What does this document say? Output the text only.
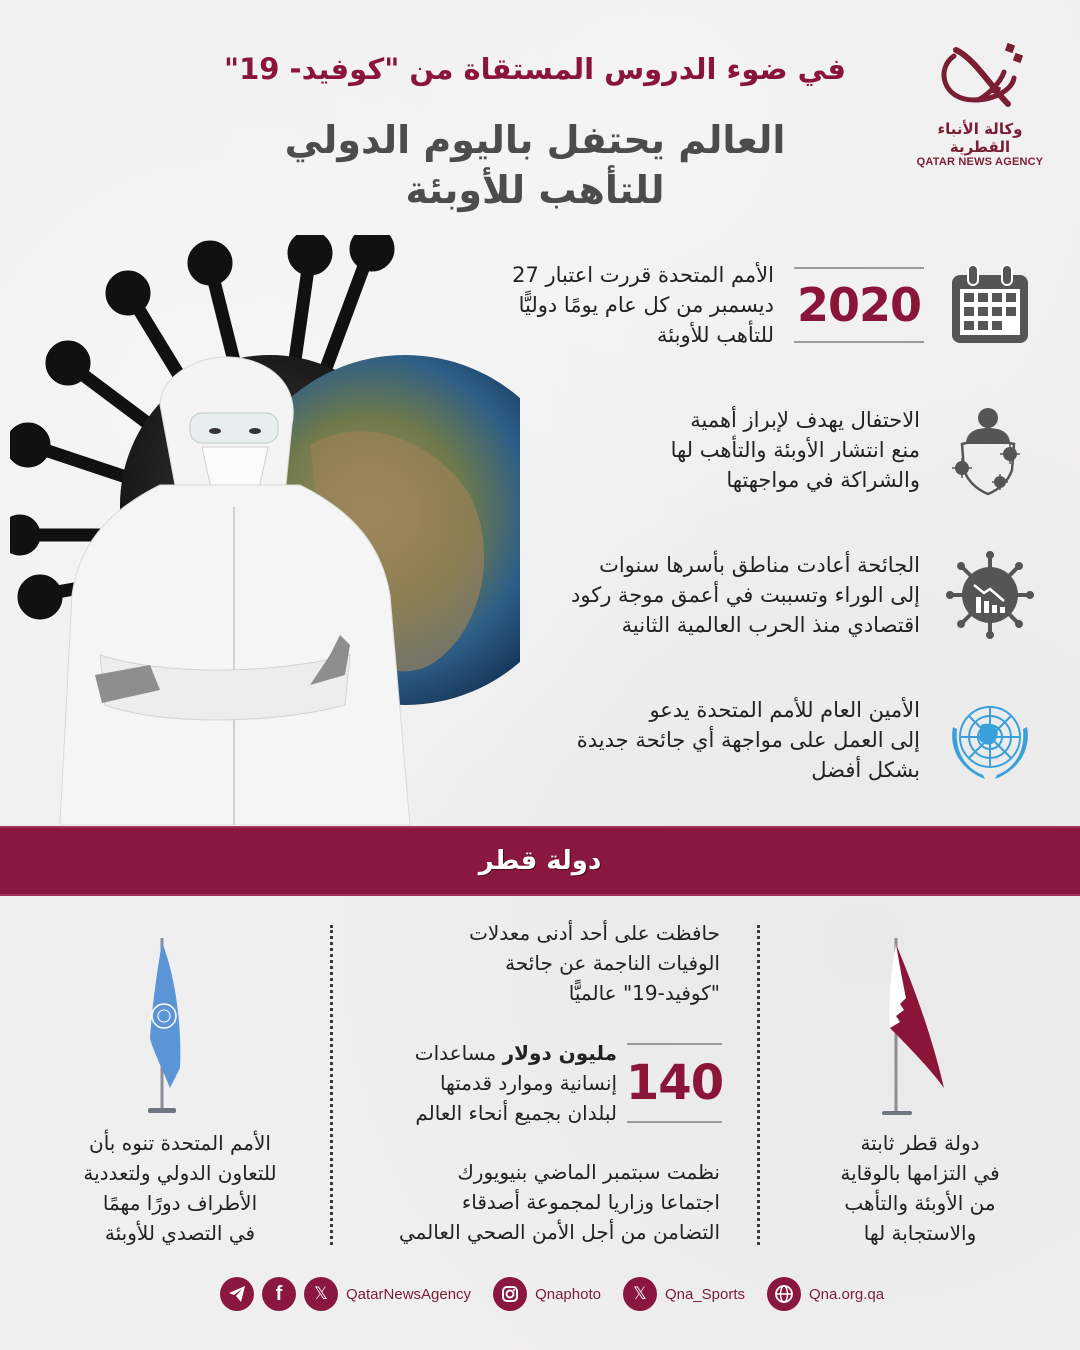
وكالة الأنباء القطرية
QATAR NEWS AGENCY
في ضوء الدروس المستقاة من "كوفيد- 19"
العالم يحتفل باليوم الدولي
للتأهب للأوبئة
2020
الأمم المتحدة قررت اعتبار 27
ديسمبر من كل عام يومًا دوليًّا
للتأهب للأوبئة
الاحتفال يهدف لإبراز أهمية
منع انتشار الأوبئة والتأهب لها
والشراكة في مواجهتها
الجائحة أعادت مناطق بأسرها سنوات
إلى الوراء وتسببت في أعمق موجة ركود
اقتصادي منذ الحرب العالمية الثانية
الأمين العام للأمم المتحدة يدعو
إلى العمل على مواجهة أي جائحة جديدة
بشكل أفضل
دولة قطر
دولة قطر ثابتة
في التزامها بالوقاية
من الأوبئة والتأهب
والاستجابة لها
حافظت على أحد أدنى معدلات
الوفيات الناجمة عن جائحة
"كوفيد-19" عالميًّا
140
مليون دولار مساعدات
إنسانية وموارد قدمتها
لبلدان بجميع أنحاء العالم
نظمت سبتمبر الماضي بنيويورك
اجتماعا وزاريا لمجموعة أصدقاء
التضامن من أجل الأمن الصحي العالمي
الأمم المتحدة تنوه بأن
للتعاون الدولي ولتعددية
الأطراف دورًا مهمًا
في التصدي للأوبئة
f 𝕏 QatarNewsAgency	Qnaphoto 𝕏 Qna_Sports	Qna.org.qa
